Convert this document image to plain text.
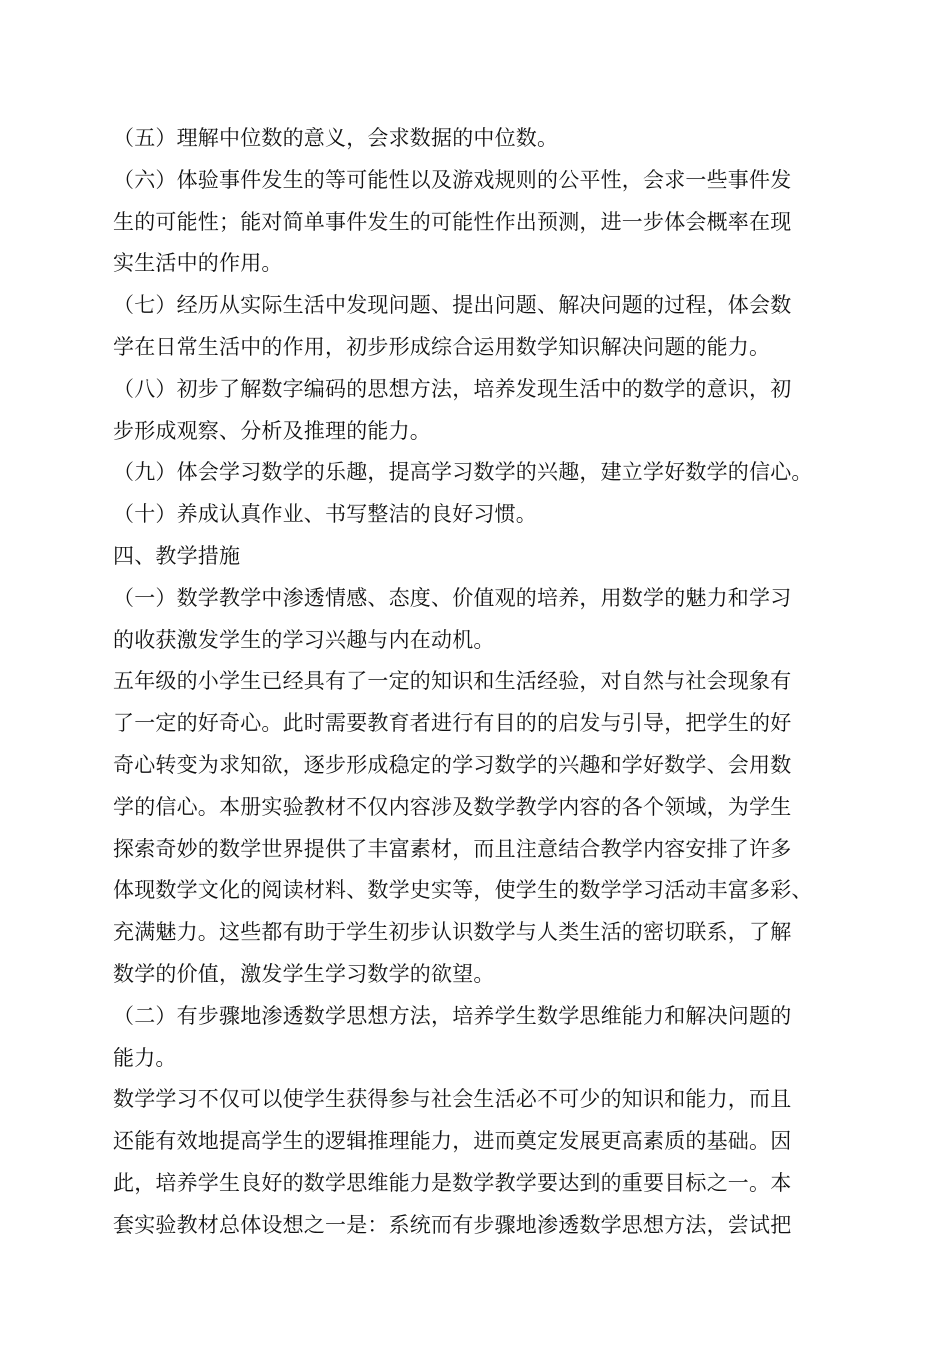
（五）理解中位数的意义，会求数据的中位数。
（六）体验事件发生的等可能性以及游戏规则的公平性，会求一些事件发
生的可能性；能对简单事件发生的可能性作出预测，进一步体会概率在现
实生活中的作用。
（七）经历从实际生活中发现问题、提出问题、解决问题的过程，体会数
学在日常生活中的作用，初步形成综合运用数学知识解决问题的能力。
（八）初步了解数字编码的思想方法，培养发现生活中的数学的意识，初
步形成观察、分析及推理的能力。
（九）体会学习数学的乐趣，提高学习数学的兴趣，建立学好数学的信心。
（十）养成认真作业、书写整洁的良好习惯。
四、教学措施
（一）数学教学中渗透情感、态度、价值观的培养，用数学的魅力和学习
的收获激发学生的学习兴趣与内在动机。
五年级的小学生已经具有了一定的知识和生活经验，对自然与社会现象有
了一定的好奇心。此时需要教育者进行有目的的启发与引导，把学生的好
奇心转变为求知欲，逐步形成稳定的学习数学的兴趣和学好数学、会用数
学的信心。本册实验教材不仅内容涉及数学教学内容的各个领域，为学生
探索奇妙的数学世界提供了丰富素材，而且注意结合教学内容安排了许多
体现数学文化的阅读材料、数学史实等，使学生的数学学习活动丰富多彩、
充满魅力。这些都有助于学生初步认识数学与人类生活的密切联系，了解
数学的价值，激发学生学习数学的欲望。
（二）有步骤地渗透数学思想方法，培养学生数学思维能力和解决问题的
能力。
数学学习不仅可以使学生获得参与社会生活必不可少的知识和能力，而且
还能有效地提高学生的逻辑推理能力，进而奠定发展更高素质的基础。因
此，培养学生良好的数学思维能力是数学教学要达到的重要目标之一。本
套实验教材总体设想之一是：系统而有步骤地渗透数学思想方法，尝试把
